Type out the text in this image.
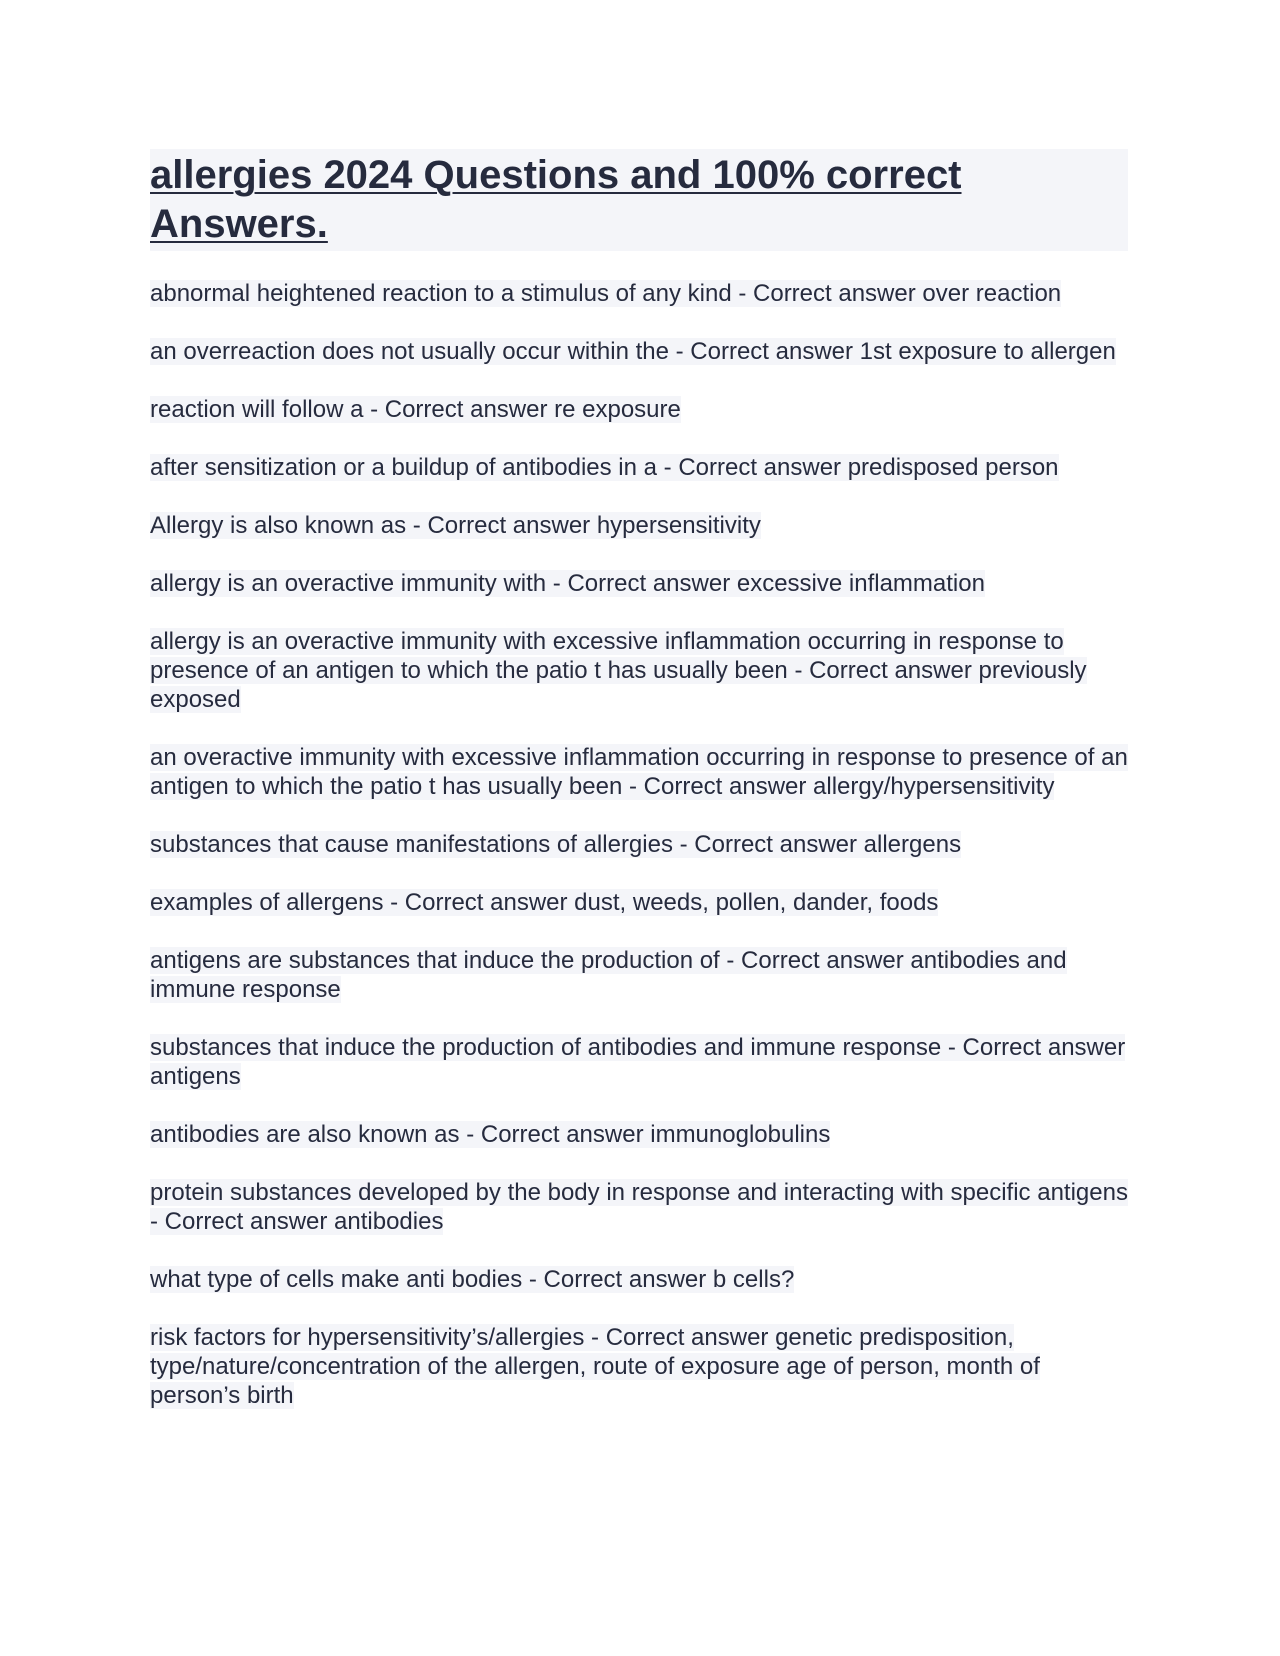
allergies 2024 Questions and 100% correct Answers.
abnormal heightened reaction to a stimulus of any kind - Correct answer over reaction
an overreaction does not usually occur within the - Correct answer 1st exposure to allergen
reaction will follow a - Correct answer re exposure
after sensitization or a buildup of antibodies in a - Correct answer predisposed person
Allergy is also known as - Correct answer hypersensitivity
allergy is an overactive immunity with - Correct answer excessive inflammation
allergy is an overactive immunity with excessive inflammation occurring in response to presence of an antigen to which the patio t has usually been - Correct answer previously exposed
an overactive immunity with excessive inflammation occurring in response to presence of an antigen to which the patio t has usually been - Correct answer allergy/hypersensitivity
substances that cause manifestations of allergies - Correct answer allergens
examples of allergens - Correct answer dust, weeds, pollen, dander, foods
antigens are substances that induce the production of - Correct answer antibodies and immune response
substances that induce the production of antibodies and immune response - Correct answer antigens
antibodies are also known as - Correct answer immunoglobulins
protein substances developed by the body in response and interacting with specific antigens - Correct answer antibodies
what type of cells make anti bodies - Correct answer b cells?
risk factors for hypersensitivity’s/allergies - Correct answer genetic predisposition, type/nature/concentration of the allergen, route of exposure age of person, month of person’s birth
